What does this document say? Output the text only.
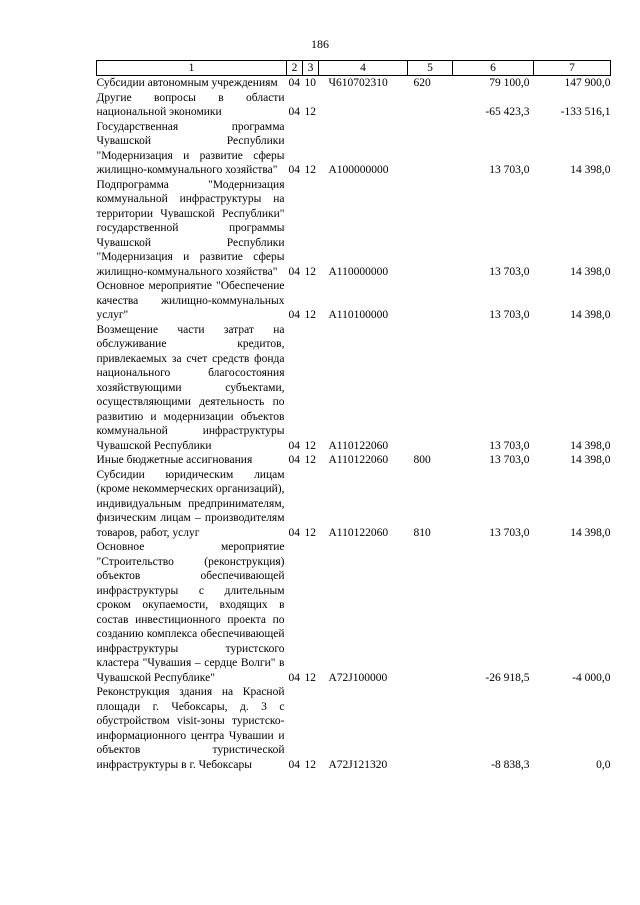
186
1	2	3	4	5	6	7
Субсидии автономным учреждениям	04	10	Ч610702310	620	79 100,0	147 900,0
Другие вопросы в области национальной экономики	04	12			-65 423,3	-133 516,1
Государственная программа Чувашской Республики "Модернизация и развитие сферы жилищно-коммунального хозяйства"	04	12	A100000000		13 703,0	14 398,0
Подпрограмма "Модернизация коммунальной инфраструктуры на территории Чувашской Республики" государственной программы Чувашской Республики "Модернизация и развитие сферы жилищно-коммунального хозяйства"	04	12	A110000000		13 703,0	14 398,0
Основное мероприятие "Обеспечение качества жилищно-коммунальных услуг"	04	12	A110100000		13 703,0	14 398,0
Возмещение части затрат на обслуживание кредитов, привлекаемых за счет средств фонда национального благосостояния хозяйствующими субъектами, осуществляющими деятельность по развитию и модернизации объектов коммунальной инфраструктуры Чувашской Республики	04	12	A110122060		13 703,0	14 398,0
Иные бюджетные ассигнования	04	12	A110122060	800	13 703,0	14 398,0
Субсидии юридическим лицам (кроме некоммерческих организаций), индивидуальным предпринимателям, физическим лицам – производителям товаров, работ, услуг	04	12	A110122060	810	13 703,0	14 398,0
Основное мероприятие "Строительство (реконструкция) объектов обеспечивающей инфраструктуры с длительным сроком окупаемости, входящих в состав инвестиционного проекта по созданию комплекса обеспечивающей инфраструктуры туристского кластера "Чувашия – сердце Волги" в Чувашской Республике"	04	12	A72J100000		-26 918,5	-4 000,0
Реконструкция здания на Красной площади г. Чебоксары, д. 3 с обустройством visit-зоны туристско-информационного центра Чувашии и объектов туристической инфраструктуры в г. Чебоксары	04	12	A72J121320		-8 838,3	0,0
